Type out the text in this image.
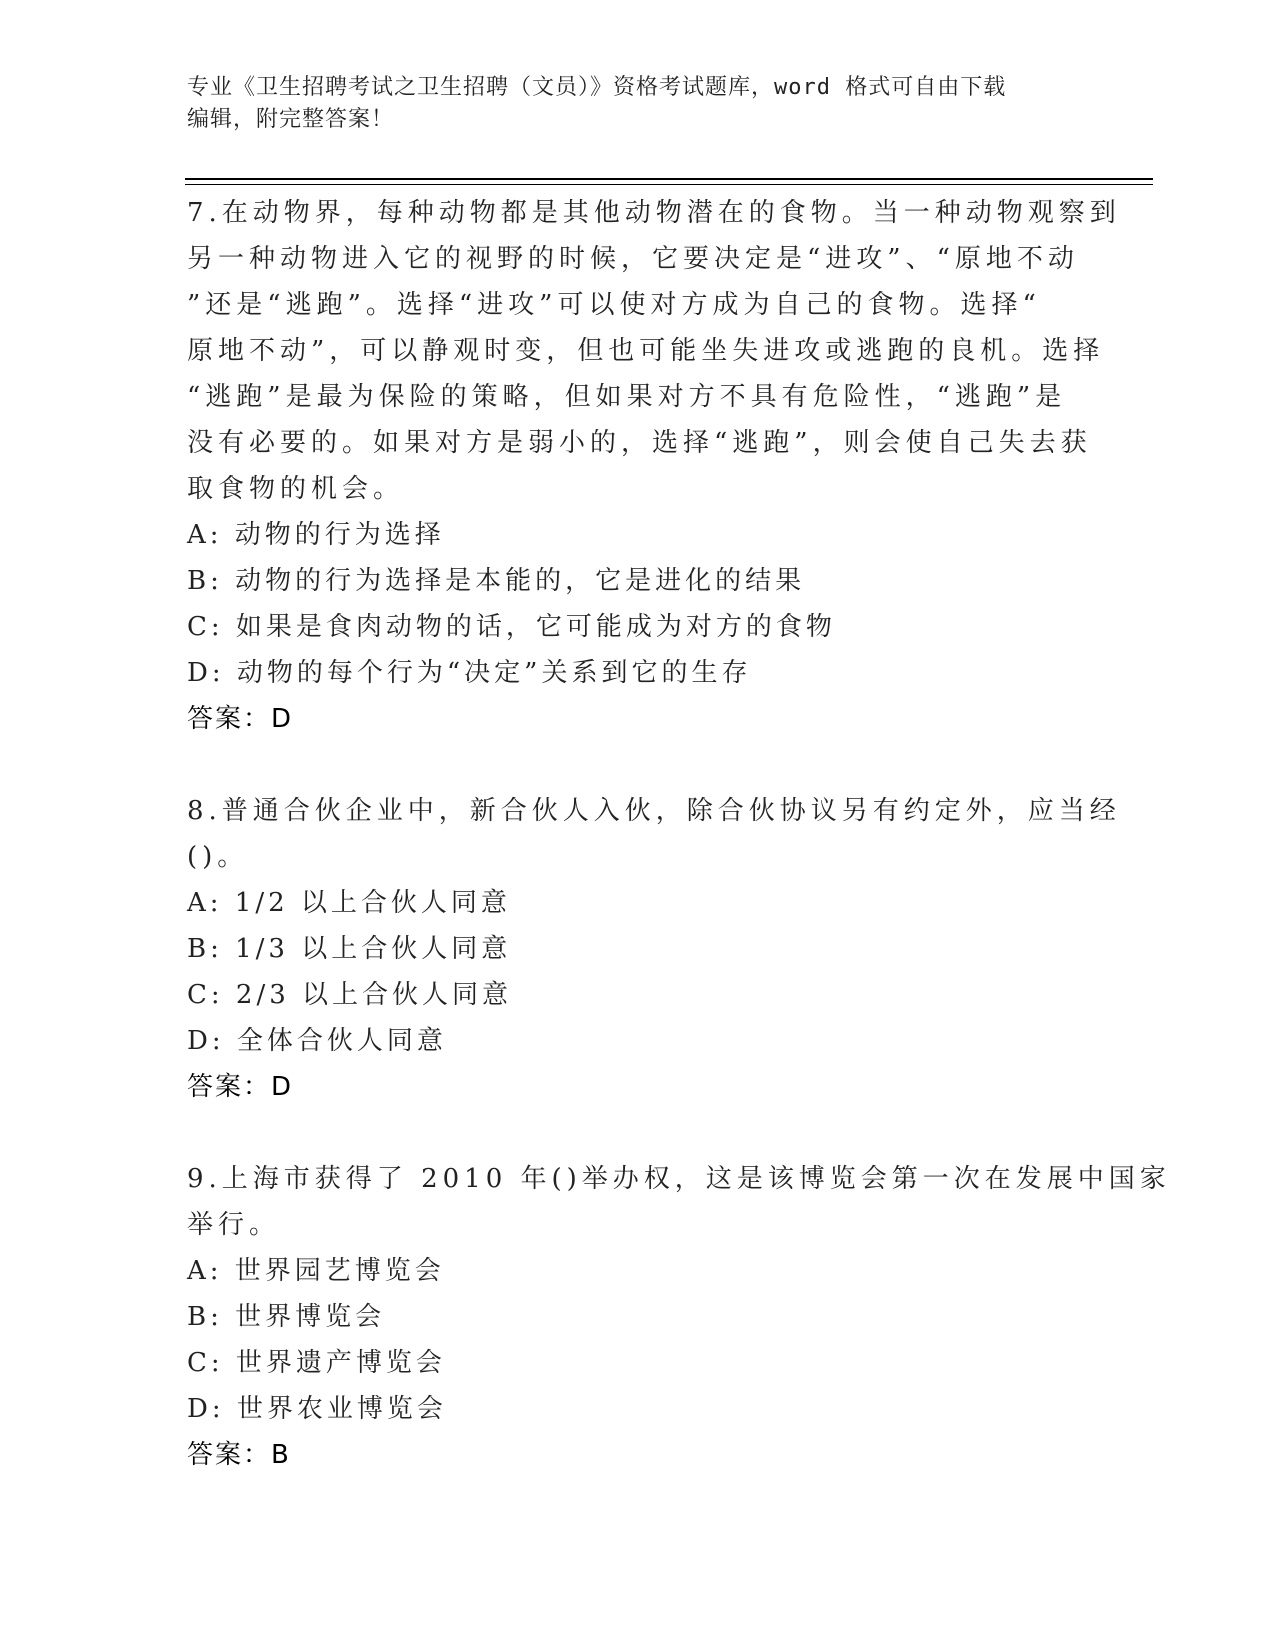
专业《卫生招聘考试之卫生招聘（文员）》资格考试题库，word 格式可自由下载
编辑，附完整答案！
7.在动物界，每种动物都是其他动物潜在的食物。当一种动物观察到
另一种动物进入它的视野的时候，它要决定是“进攻”、“原地不动
”还是“逃跑”。选择“进攻”可以使对方成为自己的食物。选择“
原地不动”，可以静观时变，但也可能坐失进攻或逃跑的良机。选择
“逃跑”是最为保险的策略，但如果对方不具有危险性，“逃跑”是
没有必要的。如果对方是弱小的，选择“逃跑”，则会使自己失去获
取食物的机会。
A: 动物的行为选择
B: 动物的行为选择是本能的，它是进化的结果
C: 如果是食肉动物的话，它可能成为对方的食物
D: 动物的每个行为“决定”关系到它的生存
答案：D
8.普通合伙企业中，新合伙人入伙，除合伙协议另有约定外，应当经
()。
A: 1/2 以上合伙人同意
B: 1/3 以上合伙人同意
C: 2/3 以上合伙人同意
D: 全体合伙人同意
答案：D
9.上海市获得了 2010 年()举办权，这是该博览会第一次在发展中国家
举行。
A: 世界园艺博览会
B: 世界博览会
C: 世界遗产博览会
D: 世界农业博览会
答案：B
